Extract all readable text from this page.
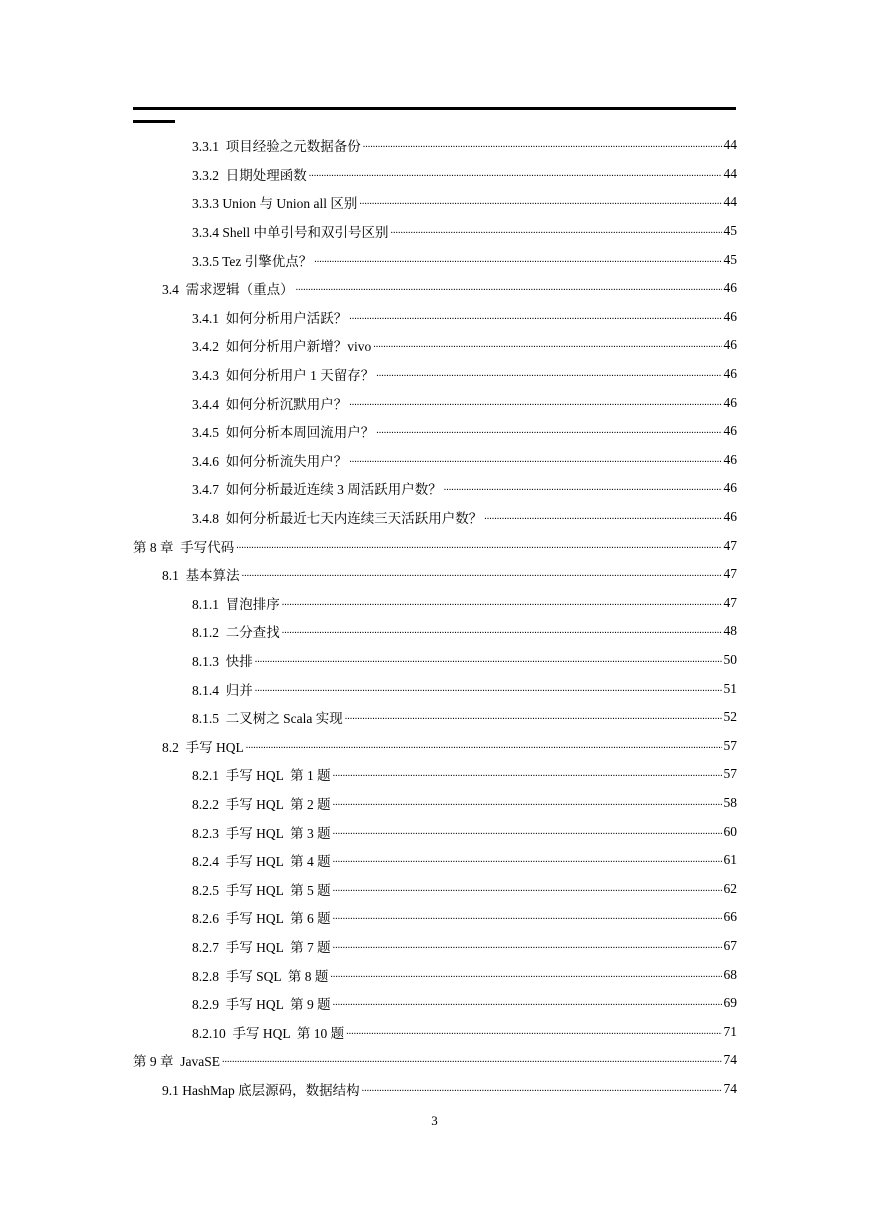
3.3.1  项目经验之元数据备份 .....	44
3.3.2  日期处理函数 .....	44
3.3.3 Union 与 Union all 区别 .....	44
3.3.4 Shell 中单引号和双引号区别 .....	45
3.3.5 Tez 引擎优点？ .....	45
3.4  需求逻辑（重点） .....	46
3.4.1  如何分析用户活跃？ .....	46
3.4.2  如何分析用户新增？vivo .....	46
3.4.3  如何分析用户 1 天留存？ .....	46
3.4.4  如何分析沉默用户？ .....	46
3.4.5  如何分析本周回流用户？ .....	46
3.4.6  如何分析流失用户？ .....	46
3.4.7  如何分析最近连续 3 周活跃用户数？ .....	46
3.4.8  如何分析最近七天内连续三天活跃用户数？ .....	46
第 8 章  手写代码 .....	47
8.1  基本算法 .....	47
8.1.1  冒泡排序 .....	47
8.1.2  二分查找 .....	48
8.1.3  快排 .....	50
8.1.4  归并 .....	51
8.1.5  二叉树之 Scala 实现 .....	52
8.2  手写 HQL .....	57
8.2.1  手写 HQL  第 1 题 .....	57
8.2.2  手写 HQL  第 2 题 .....	58
8.2.3  手写 HQL  第 3 题 .....	60
8.2.4  手写 HQL  第 4 题 .....	61
8.2.5  手写 HQL  第 5 题 .....	62
8.2.6  手写 HQL  第 6 题 .....	66
8.2.7  手写 HQL  第 7 题 .....	67
8.2.8  手写 SQL  第 8 题 .....	68
8.2.9  手写 HQL  第 9 题 .....	69
8.2.10  手写 HQL  第 10 题 .....	71
第 9 章  JavaSE .....	74
9.1 HashMap 底层源码，数据结构 .....	74
3
